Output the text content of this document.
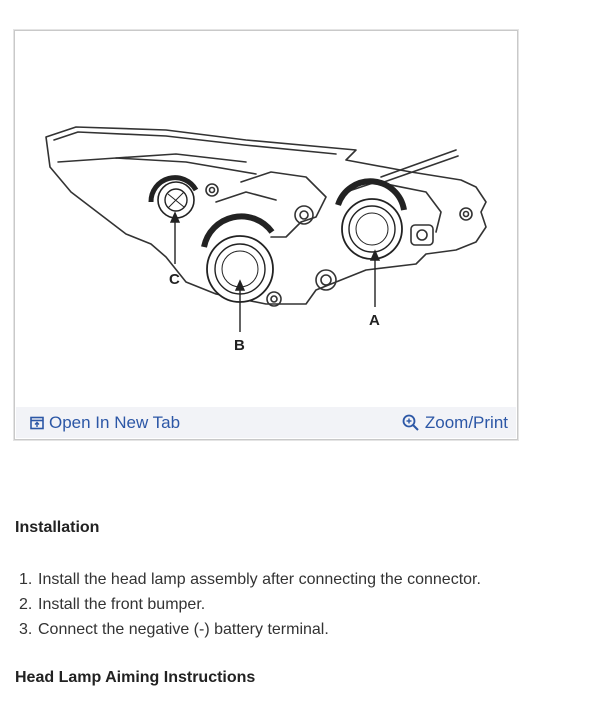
C
B
A
Open In New Tab	Zoom/Print
Installation
1. Install the head lamp assembly after connecting the connector.
2. Install the front bumper.
3. Connect the negative (-) battery terminal.
Head Lamp Aiming Instructions
